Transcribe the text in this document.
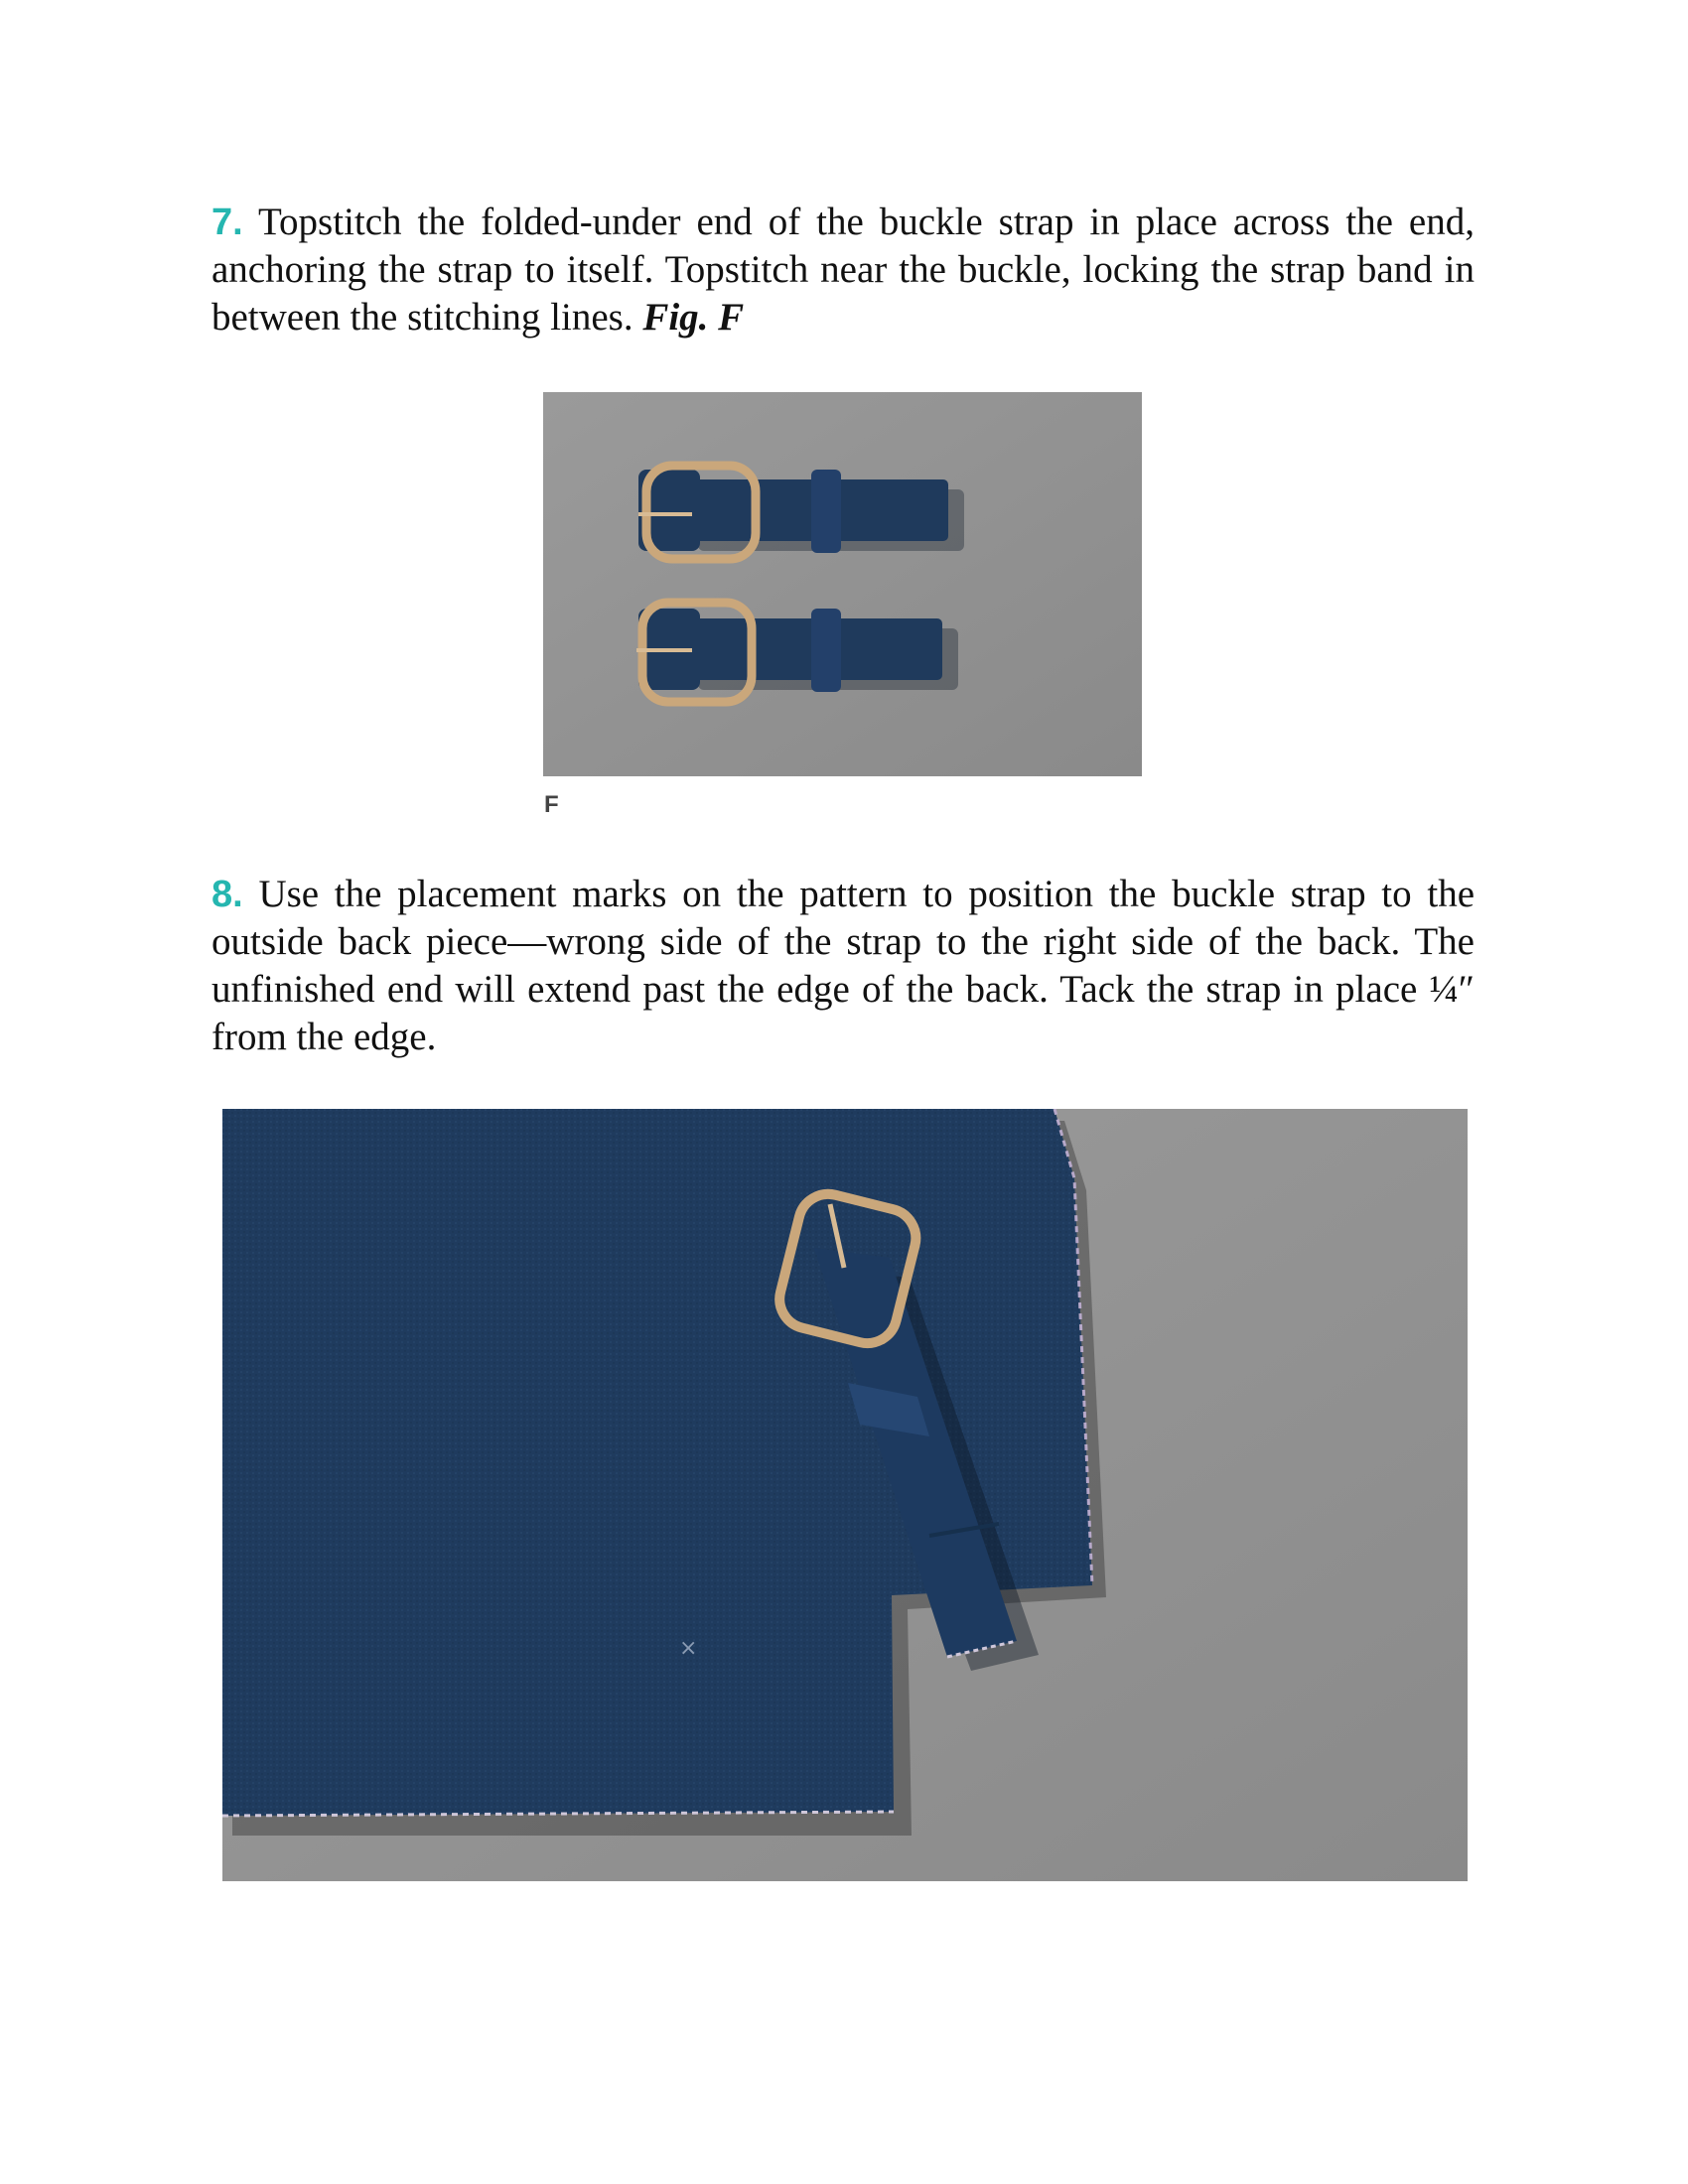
7. Topstitch the folded-under end of the buckle strap in place across the end, anchoring the strap to itself. Topstitch near the buckle, locking the strap band in between the stitching lines. Fig. F

F

8. Use the placement marks on the pattern to position the buckle strap to the outside back piece—wrong side of the strap to the right side of the back. The unfinished end will extend past the edge of the back. Tack the strap in place ¼″ from the edge.

×
